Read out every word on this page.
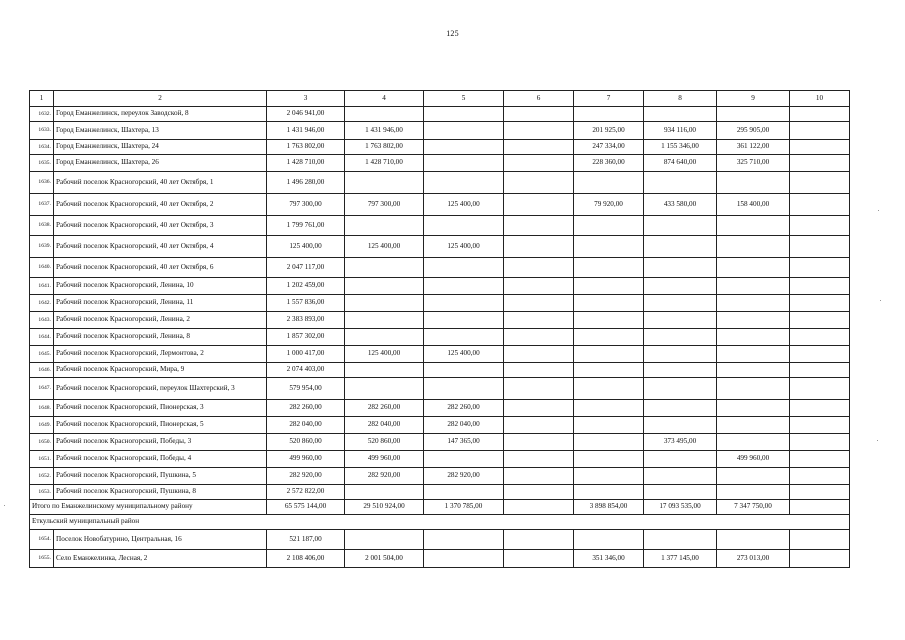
125
1	2	3	4	5	6	7	8	9	10
1632.	Город Еманжелинск, переулок Заводской, 8	2 046 941,00							
1633.	Город Еманжелинск, Шахтера, 13	1 431 946,00	1 431 946,00			201 925,00	934 116,00	295 905,00	
1634.	Город Еманжелинск, Шахтера, 24	1 763 802,00	1 763 802,00			247 334,00	1 155 346,00	361 122,00	
1635.	Город Еманжелинск, Шахтера, 26	1 428 710,00	1 428 710,00			228 360,00	874 640,00	325 710,00	
1636.	Рабочий поселок Красногорский, 40 лет Октября, 1	1 496 280,00							
1637.	Рабочий поселок Красногорский, 40 лет Октября, 2	797 300,00	797 300,00	125 400,00		79 920,00	433 580,00	158 400,00	
1638.	Рабочий поселок Красногорский, 40 лет Октября, 3	1 799 761,00							
1639.	Рабочий поселок Красногорский, 40 лет Октября, 4	125 400,00	125 400,00	125 400,00					
1640.	Рабочий поселок Красногорский, 40 лет Октября, 6	2 047 117,00							
1641.	Рабочий поселок Красногорский, Ленина, 10	1 202 459,00							
1642.	Рабочий поселок Красногорский, Ленина, 11	1 557 836,00							
1643.	Рабочий поселок Красногорский, Ленина, 2	2 383 893,00							
1644.	Рабочий поселок Красногорский, Ленина, 8	1 857 302,00							
1645.	Рабочий поселок Красногорский, Лермонтова, 2	1 000 417,00	125 400,00	125 400,00					
1646.	Рабочий поселок Красногорский, Мира, 9	2 074 403,00							
1647.	Рабочий поселок Красногорский, переулок Шахтерский, 3	579 954,00							
1648.	Рабочий поселок Красногорский, Пионерская, 3	282 260,00	282 260,00	282 260,00					
1649.	Рабочий поселок Красногорский, Пионерская, 5	282 040,00	282 040,00	282 040,00					
1650.	Рабочий поселок Красногорский, Победы, 3	520 860,00	520 860,00	147 365,00			373 495,00		
1651.	Рабочий поселок Красногорский, Победы, 4	499 960,00	499 960,00					499 960,00	
1652.	Рабочий поселок Красногорский, Пушкина, 5	282 920,00	282 920,00	282 920,00					
1653.	Рабочий поселок Красногорский, Пушкина, 8	2 572 822,00							
Итого по Еманжелинскому муниципальному району		65 575 144,00	29 510 924,00	1 370 785,00		3 898 854,00	17 093 535,00	7 347 750,00	
Еткульский муниципальный район									
1654.	Поселок Новобатурино, Центральная, 16	521 187,00							
1655.	Село Еманжелинка, Лесная, 2	2 108 406,00	2 001 504,00			351 346,00	1 377 145,00	273 013,00	
